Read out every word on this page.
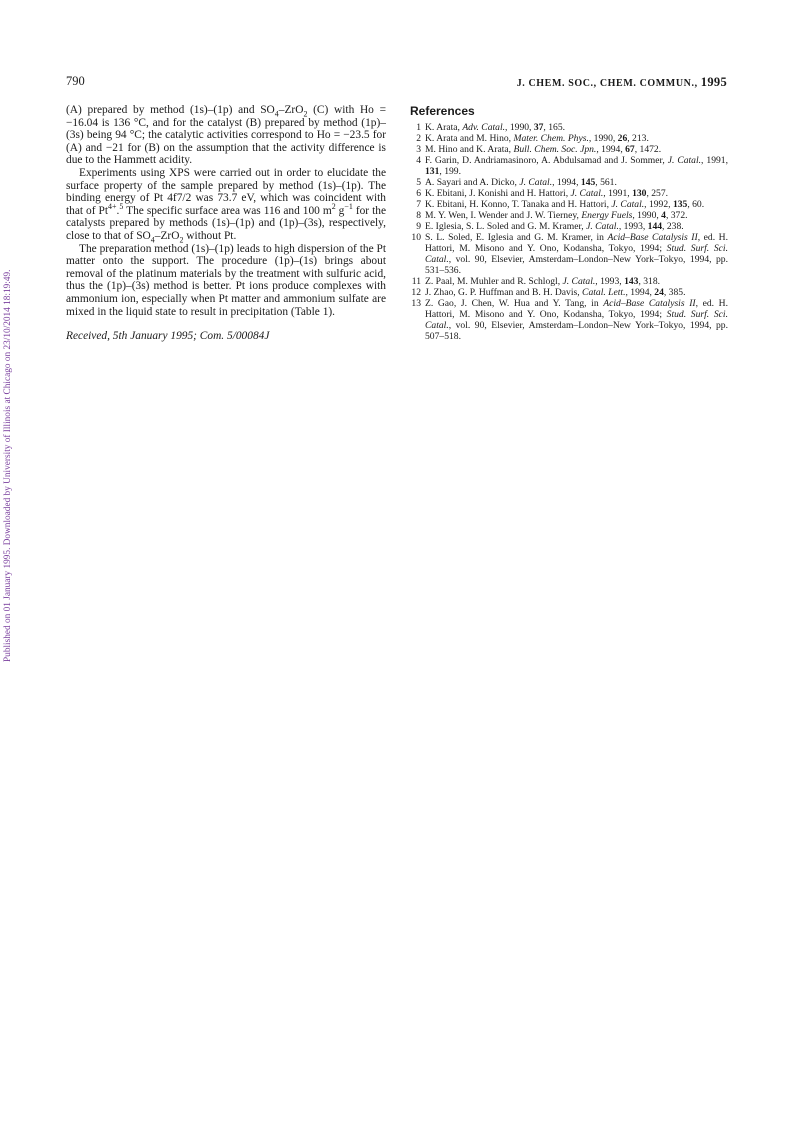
Published on 01 January 1995. Downloaded by University of Illinois at Chicago on 23/10/2014 18:19:49.
790	J. CHEM. SOC., CHEM. COMMUN., 1995

(A) prepared by method (1s)–(1p) and $SO_4-ZrO_2$ (C) with Ho = −16.04 is 136 °C, and for the catalyst (B) prepared by method (1p)–(3s) being 94 °C; the catalytic activities correspond to Ho = −23.5 for (A) and −21 for (B) on the assumption that the activity difference is due to the Hammett acidity.

Experiments using XPS were carried out in order to elucidate the surface property of the sample prepared by method (1s)–(1p). The binding energy of Pt 4f7/2 was 73.7 eV, which was coincident with that of $Pt^{4+}.^5$ The specific surface area was 116 and 100 $m^2$ $g^{-1}$ for the catalysts prepared by methods (1s)–(1p) and (1p)–(3s), respectively, close to that of $SO_4-ZrO_2$ without Pt.

The preparation method (1s)–(1p) leads to high dispersion of the Pt matter onto the support. The procedure (1p)–(1s) brings about removal of the platinum materials by the treatment with sulfuric acid, thus the (1p)–(3s) method is better. Pt ions produce complexes with ammonium ion, especially when Pt matter and ammonium sulfate are mixed in the liquid state to result in precipitation (Table 1).

Received, 5th January 1995; Com. 5/00084J

References
1 K. Arata, Adv. Catal., 1990, 37, 165.
2 K. Arata and M. Hino, Mater. Chem. Phys., 1990, 26, 213.
3 M. Hino and K. Arata, Bull. Chem. Soc. Jpn., 1994, 67, 1472.
4 F. Garin, D. Andriamasinoro, A. Abdulsamad and J. Sommer, J. Catal., 1991, 131, 199.
5 A. Sayari and A. Dicko, J. Catal., 1994, 145, 561.
6 K. Ebitani, J. Konishi and H. Hattori, J. Catal., 1991, 130, 257.
7 K. Ebitani, H. Konno, T. Tanaka and H. Hattori, J. Catal., 1992, 135, 60.
8 M. Y. Wen, I. Wender and J. W. Tierney, Energy Fuels, 1990, 4, 372.
9 E. Iglesia, S. L. Soled and G. M. Kramer, J. Catal., 1993, 144, 238.
10 S. L. Soled, E. Iglesia and G. M. Kramer, in Acid–Base Catalysis II, ed. H. Hattori, M. Misono and Y. Ono, Kodansha, Tokyo, 1994; Stud. Surf. Sci. Catal., vol. 90, Elsevier, Amsterdam–London–New York–Tokyo, 1994, pp. 531–536.
11 Z. Paal, M. Muhler and R. Schlogl, J. Catal., 1993, 143, 318.
12 J. Zhao, G. P. Huffman and B. H. Davis, Catal. Lett., 1994, 24, 385.
13 Z. Gao, J. Chen, W. Hua and Y. Tang, in Acid–Base Catalysis II, ed. H. Hattori, M. Misono and Y. Ono, Kodansha, Tokyo, 1994; Stud. Surf. Sci. Catal., vol. 90, Elsevier, Amsterdam–London–New York–Tokyo, 1994, pp. 507–518.
